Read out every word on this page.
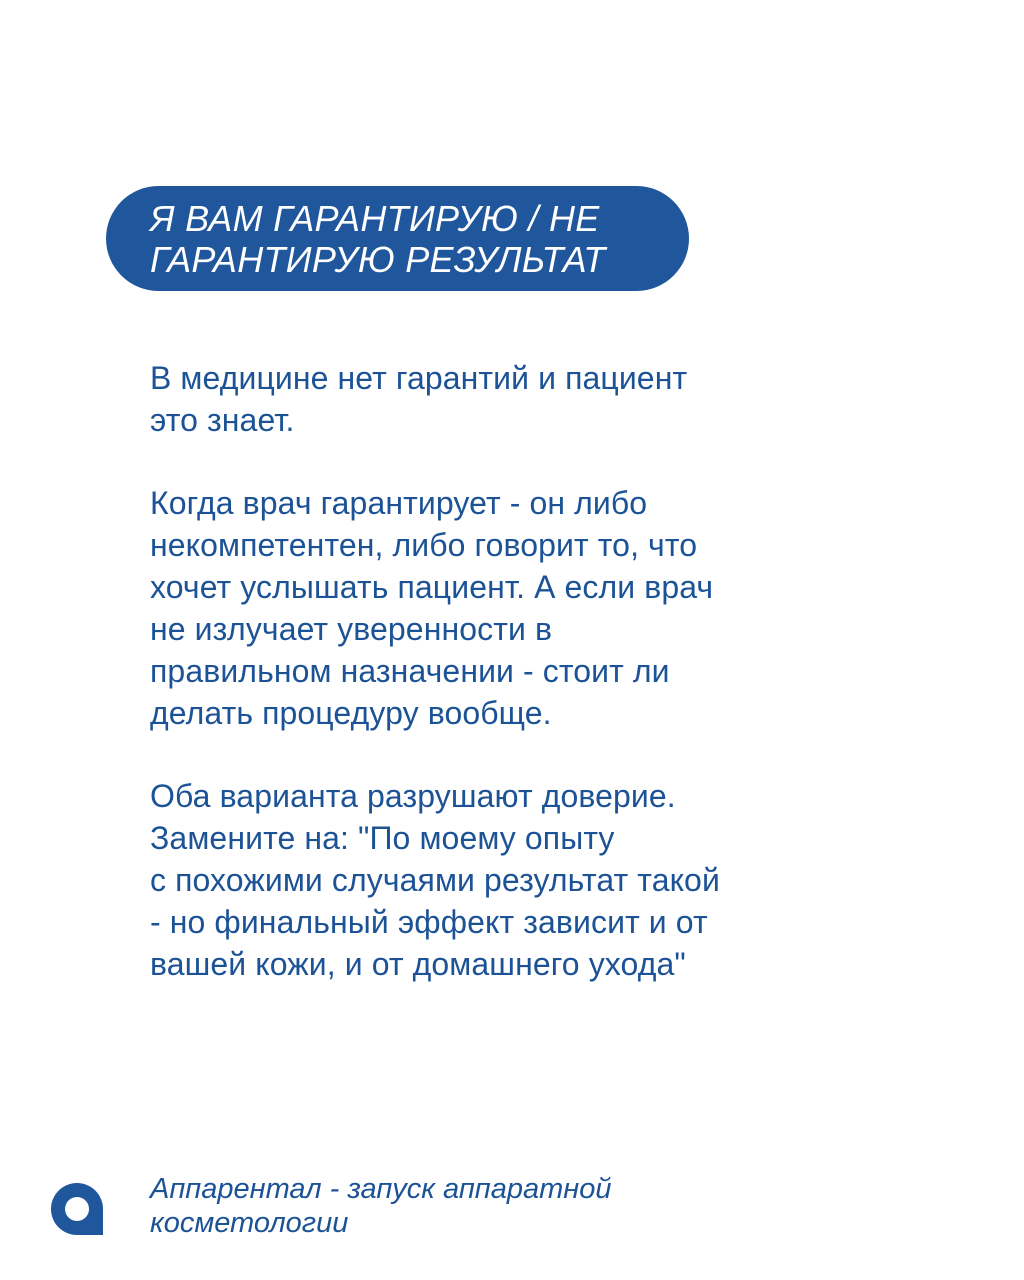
Я ВАМ ГАРАНТИРУЮ / НЕ
ГАРАНТИРУЮ РЕЗУЛЬТАТ
В медицине нет гарантий и пациент
это знает.
Когда врач гарантирует - он либо
некомпетентен, либо говорит то, что
хочет услышать пациент. А если врач
не излучает уверенности в
правильном назначении - стоит ли
делать процедуру вообще.
Оба варианта разрушают доверие.
Замените на: "По моему опыту
с похожими случаями результат такой
- но финальный эффект зависит и от
вашей кожи, и от домашнего ухода"
Аппарентал - запуск аппаратной
косметологии
